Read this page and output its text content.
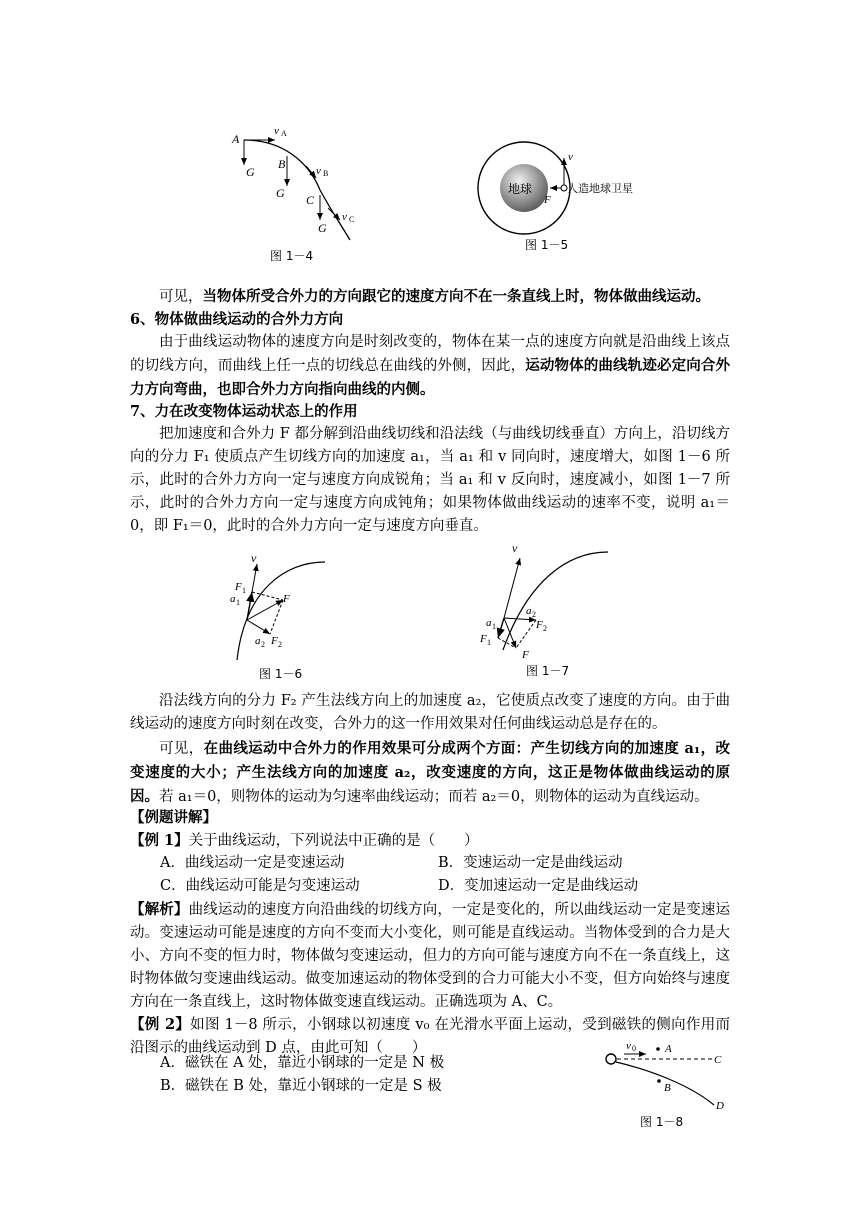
A
v A
G
B	v B
G C
v C
G
图 1－4
地球
v
F
人造地球卫星
图 1－5
可见，当物体所受合外力的方向跟它的速度方向不在一条直线上时，物体做曲线运动。
6、物体做曲线运动的合外力方向
由于曲线运动物体的速度方向是时刻改变的，物体在某一点的速度方向就是沿曲线上该点的切线方向，而曲线上任一点的切线总在曲线的外侧，因此，运动物体的曲线轨迹必定向合外力方向弯曲，也即合外力方向指向曲线的内侧。
7、力在改变物体运动状态上的作用
把加速度和合外力 F 都分解到沿曲线切线和沿法线（与曲线切线垂直）方向上，沿切线方向的分力 F₁ 使质点产生切线方向的加速度 a₁，当 a₁ 和 v 同向时，速度增大，如图 1－6 所示，此时的合外力方向一定与速度方向成锐角；当 a₁ 和 v 反向时，速度减小，如图 1－7 所示，此时的合外力方向一定与速度方向成钝角；如果物体做曲线运动的速率不变，说明 a₁＝0，即 F₁＝0，此时的合外力方向一定与速度方向垂直。
v
F 1
a 1	F
a 2 F 2
图 1－6
v
a 2
F 2
a 1
F 1
F
图 1－7
沿法线方向的分力 F₂ 产生法线方向上的加速度 a₂，它使质点改变了速度的方向。由于曲线运动的速度方向时刻在改变，合外力的这一作用效果对任何曲线运动总是存在的。
可见，在曲线运动中合外力的作用效果可分成两个方面：产生切线方向的加速度 a₁，改变速度的大小；产生法线方向的加速度 a₂，改变速度的方向，这正是物体做曲线运动的原因。若 a₁＝0，则物体的运动为匀速率曲线运动；而若 a₂＝0，则物体的运动为直线运动。
【例题讲解】
【例 1】关于曲线运动，下列说法中正确的是（　　）
A．曲线运动一定是变速运动	B．变速运动一定是曲线运动
C．曲线运动可能是匀变速运动	D．变加速运动一定是曲线运动
【解析】曲线运动的速度方向沿曲线的切线方向，一定是变化的，所以曲线运动一定是变速运动。变速运动可能是速度的方向不变而大小变化，则可能是直线运动。当物体受到的合力是大小、方向不变的恒力时，物体做匀变速运动，但力的方向可能与速度方向不在一条直线上，这时物体做匀变速曲线运动。做变加速运动的物体受到的合力可能大小不变，但方向始终与速度方向在一条直线上，这时物体做变速直线运动。正确选项为 A、C。
【例 2】如图 1－8 所示，小钢球以初速度 v₀ 在光滑水平面上运动，受到磁铁的侧向作用而沿图示的曲线运动到 D 点，由此可知（　　）
A．磁铁在 A 处，靠近小钢球的一定是 N 极
B．磁铁在 B 处，靠近小钢球的一定是 S 极
v 0	A
C
B
D
图 1－8
